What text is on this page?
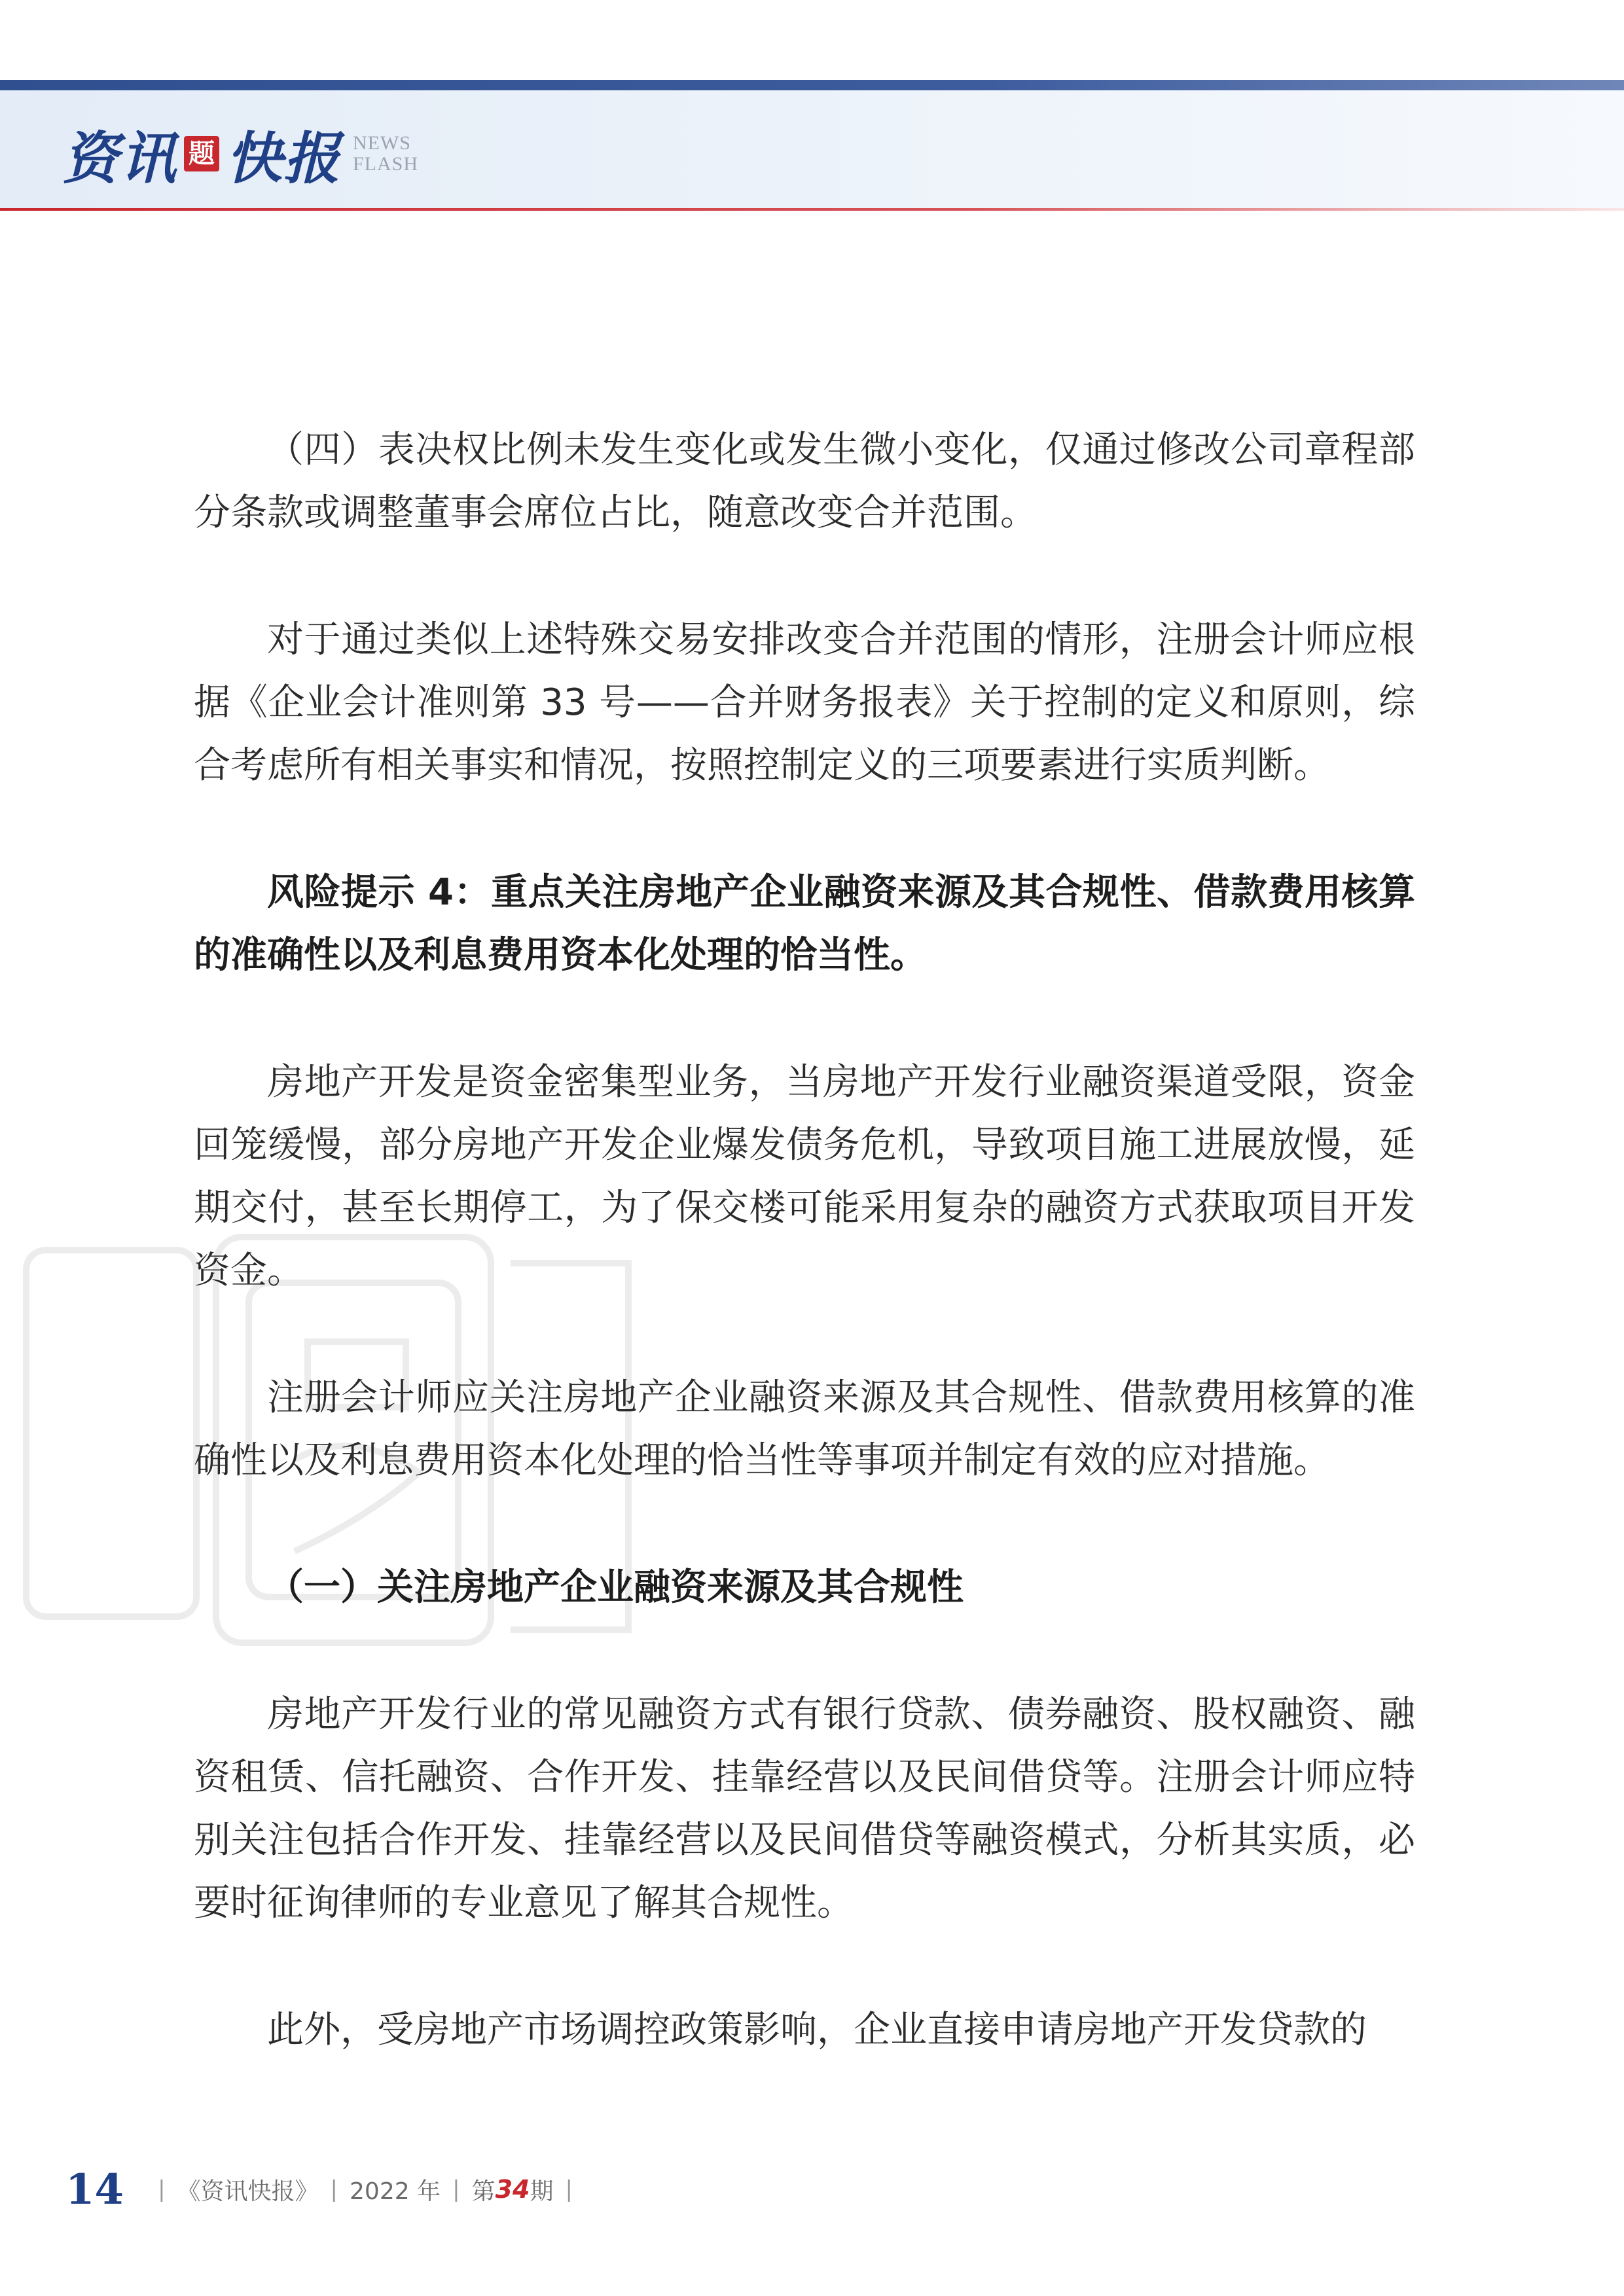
资讯 题 快报 NEWS
FLASH

（四）表决权比例未发生变化或发生微小变化，仅通过修改公司章程部分条款或调整董事会席位占比，随意改变合并范围。

对于通过类似上述特殊交易安排改变合并范围的情形，注册会计师应根据《企业会计准则第 33 号——合并财务报表》关于控制的定义和原则，综合考虑所有相关事实和情况，按照控制定义的三项要素进行实质判断。

风险提示 4：重点关注房地产企业融资来源及其合规性、借款费用核算的准确性以及利息费用资本化处理的恰当性。

房地产开发是资金密集型业务，当房地产开发行业融资渠道受限，资金回笼缓慢，部分房地产开发企业爆发债务危机，导致项目施工进展放慢，延期交付，甚至长期停工，为了保交楼可能采用复杂的融资方式获取项目开发资金。

注册会计师应关注房地产企业融资来源及其合规性、借款费用核算的准确性以及利息费用资本化处理的恰当性等事项并制定有效的应对措施。

（一）关注房地产企业融资来源及其合规性

房地产开发行业的常见融资方式有银行贷款、债券融资、股权融资、融资租赁、信托融资、合作开发、挂靠经营以及民间借贷等。注册会计师应特别关注包括合作开发、挂靠经营以及民间借贷等融资模式，分析其实质，必要时征询律师的专业意见了解其合规性。

此外，受房地产市场调控政策影响，企业直接申请房地产开发贷款的

14 | 《资讯快报》 | 2022 年 | 第 34 期 |
